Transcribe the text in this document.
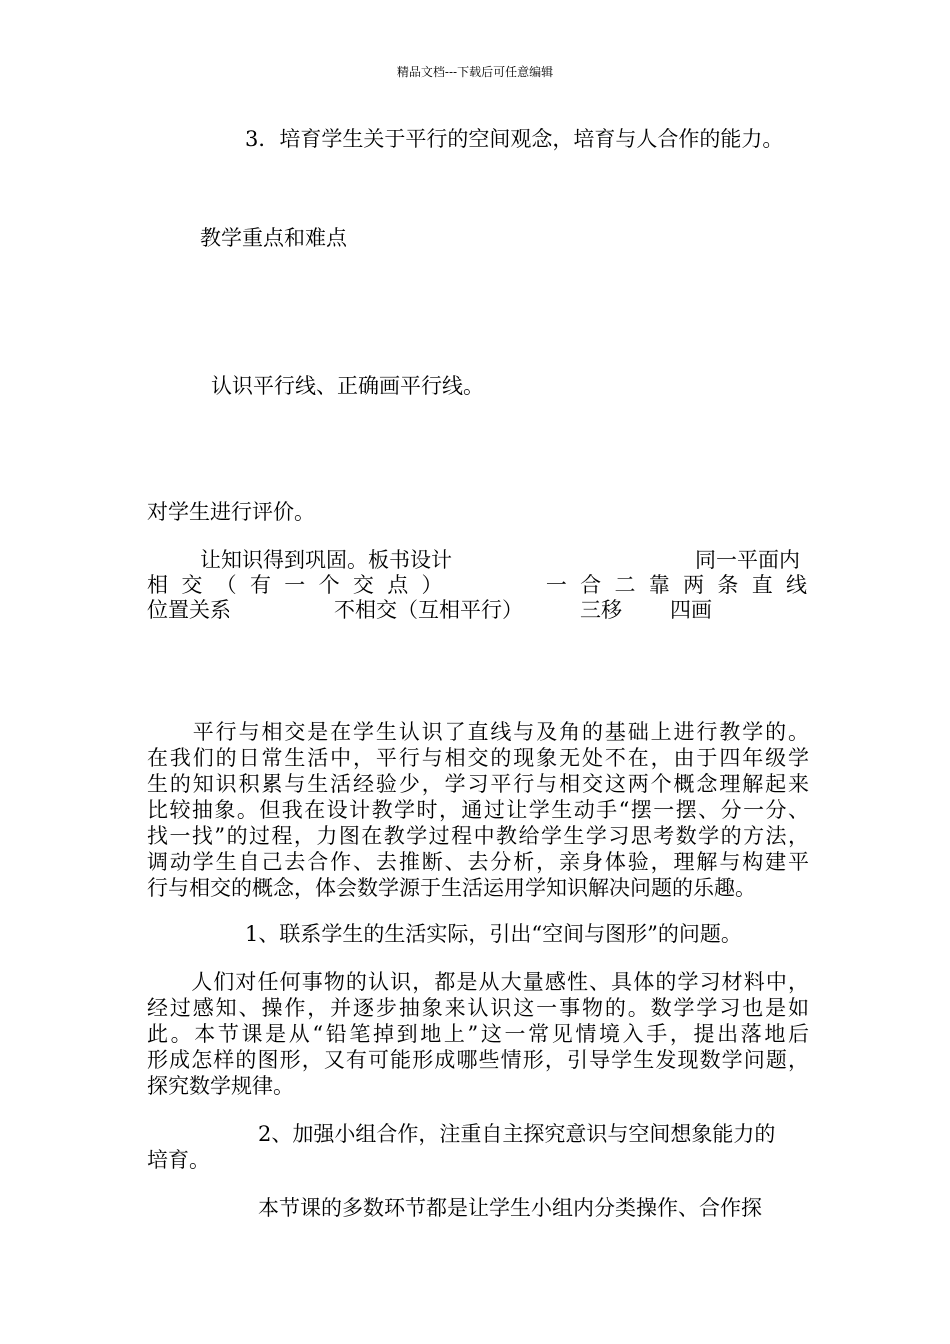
精品文档---下载后可任意编辑

3．培育学生关于平行的空间观念，培育与人合作的能力。

教学重点和难点

认识平行线、正确画平行线。

对学生进行评价。

让知识得到巩固。板书设计	同一平面内

相 交 （ 有 一 个 交 点 ）	一 合 二 靠 两 条 直 线

位置关系	不相交（互相平行）	三移 四画

　　平行与相交是在学生认识了直线与及角的基础上进行教学的。
在我们的日常生活中，平行与相交的现象无处不在，由于四年级学
生的知识积累与生活经验少，学习平行与相交这两个概念理解起来
比较抽象。但我在设计教学时，通过让学生动手“摆一摆、分一分、
找一找”的过程，力图在教学过程中教给学生学习思考数学的方法，
调动学生自己去合作、去推断、去分析，亲身体验，理解与构建平
行与相交的概念，体会数学源于生活运用学知识解决问题的乐趣。

1、联系学生的生活实际，引出“空间与图形”的问题。

　　人们对任何事物的认识，都是从大量感性、具体的学习材料中，
经过感知、操作，并逐步抽象来认识这一事物的。数学学习也是如
此。本节课是从“铅笔掉到地上”这一常见情境入手，提出落地后
形成怎样的图形，又有可能形成哪些情形，引导学生发现数学问题，
探究数学规律。

2、加强小组合作，注重自主探究意识与空间想象能力的

培育。

本节课的多数环节都是让学生小组内分类操作、合作探
